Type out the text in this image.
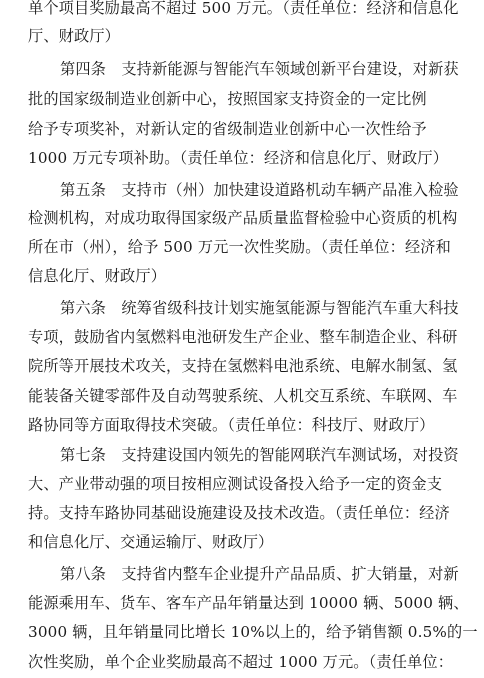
单个项目奖励最高不超过 500 万元。（责任单位：经济和信息化
厅、财政厅）
第四条　支持新能源与智能汽车领域创新平台建设，对新获
批的国家级制造业创新中心，按照国家支持资金的一定比例
给予专项奖补，对新认定的省级制造业创新中心一次性给予
1000 万元专项补助。（责任单位：经济和信息化厅、财政厅）
第五条　支持市（州）加快建设道路机动车辆产品准入检验
检测机构，对成功取得国家级产品质量监督检验中心资质的机构
所在市（州），给予 500 万元一次性奖励。（责任单位：经济和
信息化厅、财政厅）
第六条　统筹省级科技计划实施氢能源与智能汽车重大科技
专项，鼓励省内氢燃料电池研发生产企业、整车制造企业、科研
院所等开展技术攻关，支持在氢燃料电池系统、电解水制氢、氢
能装备关键零部件及自动驾驶系统、人机交互系统、车联网、车
路协同等方面取得技术突破。（责任单位：科技厅、财政厅）
第七条　支持建设国内领先的智能网联汽车测试场，对投资
大、产业带动强的项目按相应测试设备投入给予一定的资金支
持。支持车路协同基础设施建设及技术改造。（责任单位：经济
和信息化厅、交通运输厅、财政厅）
第八条　支持省内整车企业提升产品品质、扩大销量，对新
能源乘用车、货车、客车产品年销量达到 10000 辆、5000 辆、
3000 辆，且年销量同比增长 10%以上的，给予销售额 0.5%的一
次性奖励，单个企业奖励最高不超过 1000 万元。（责任单位：
